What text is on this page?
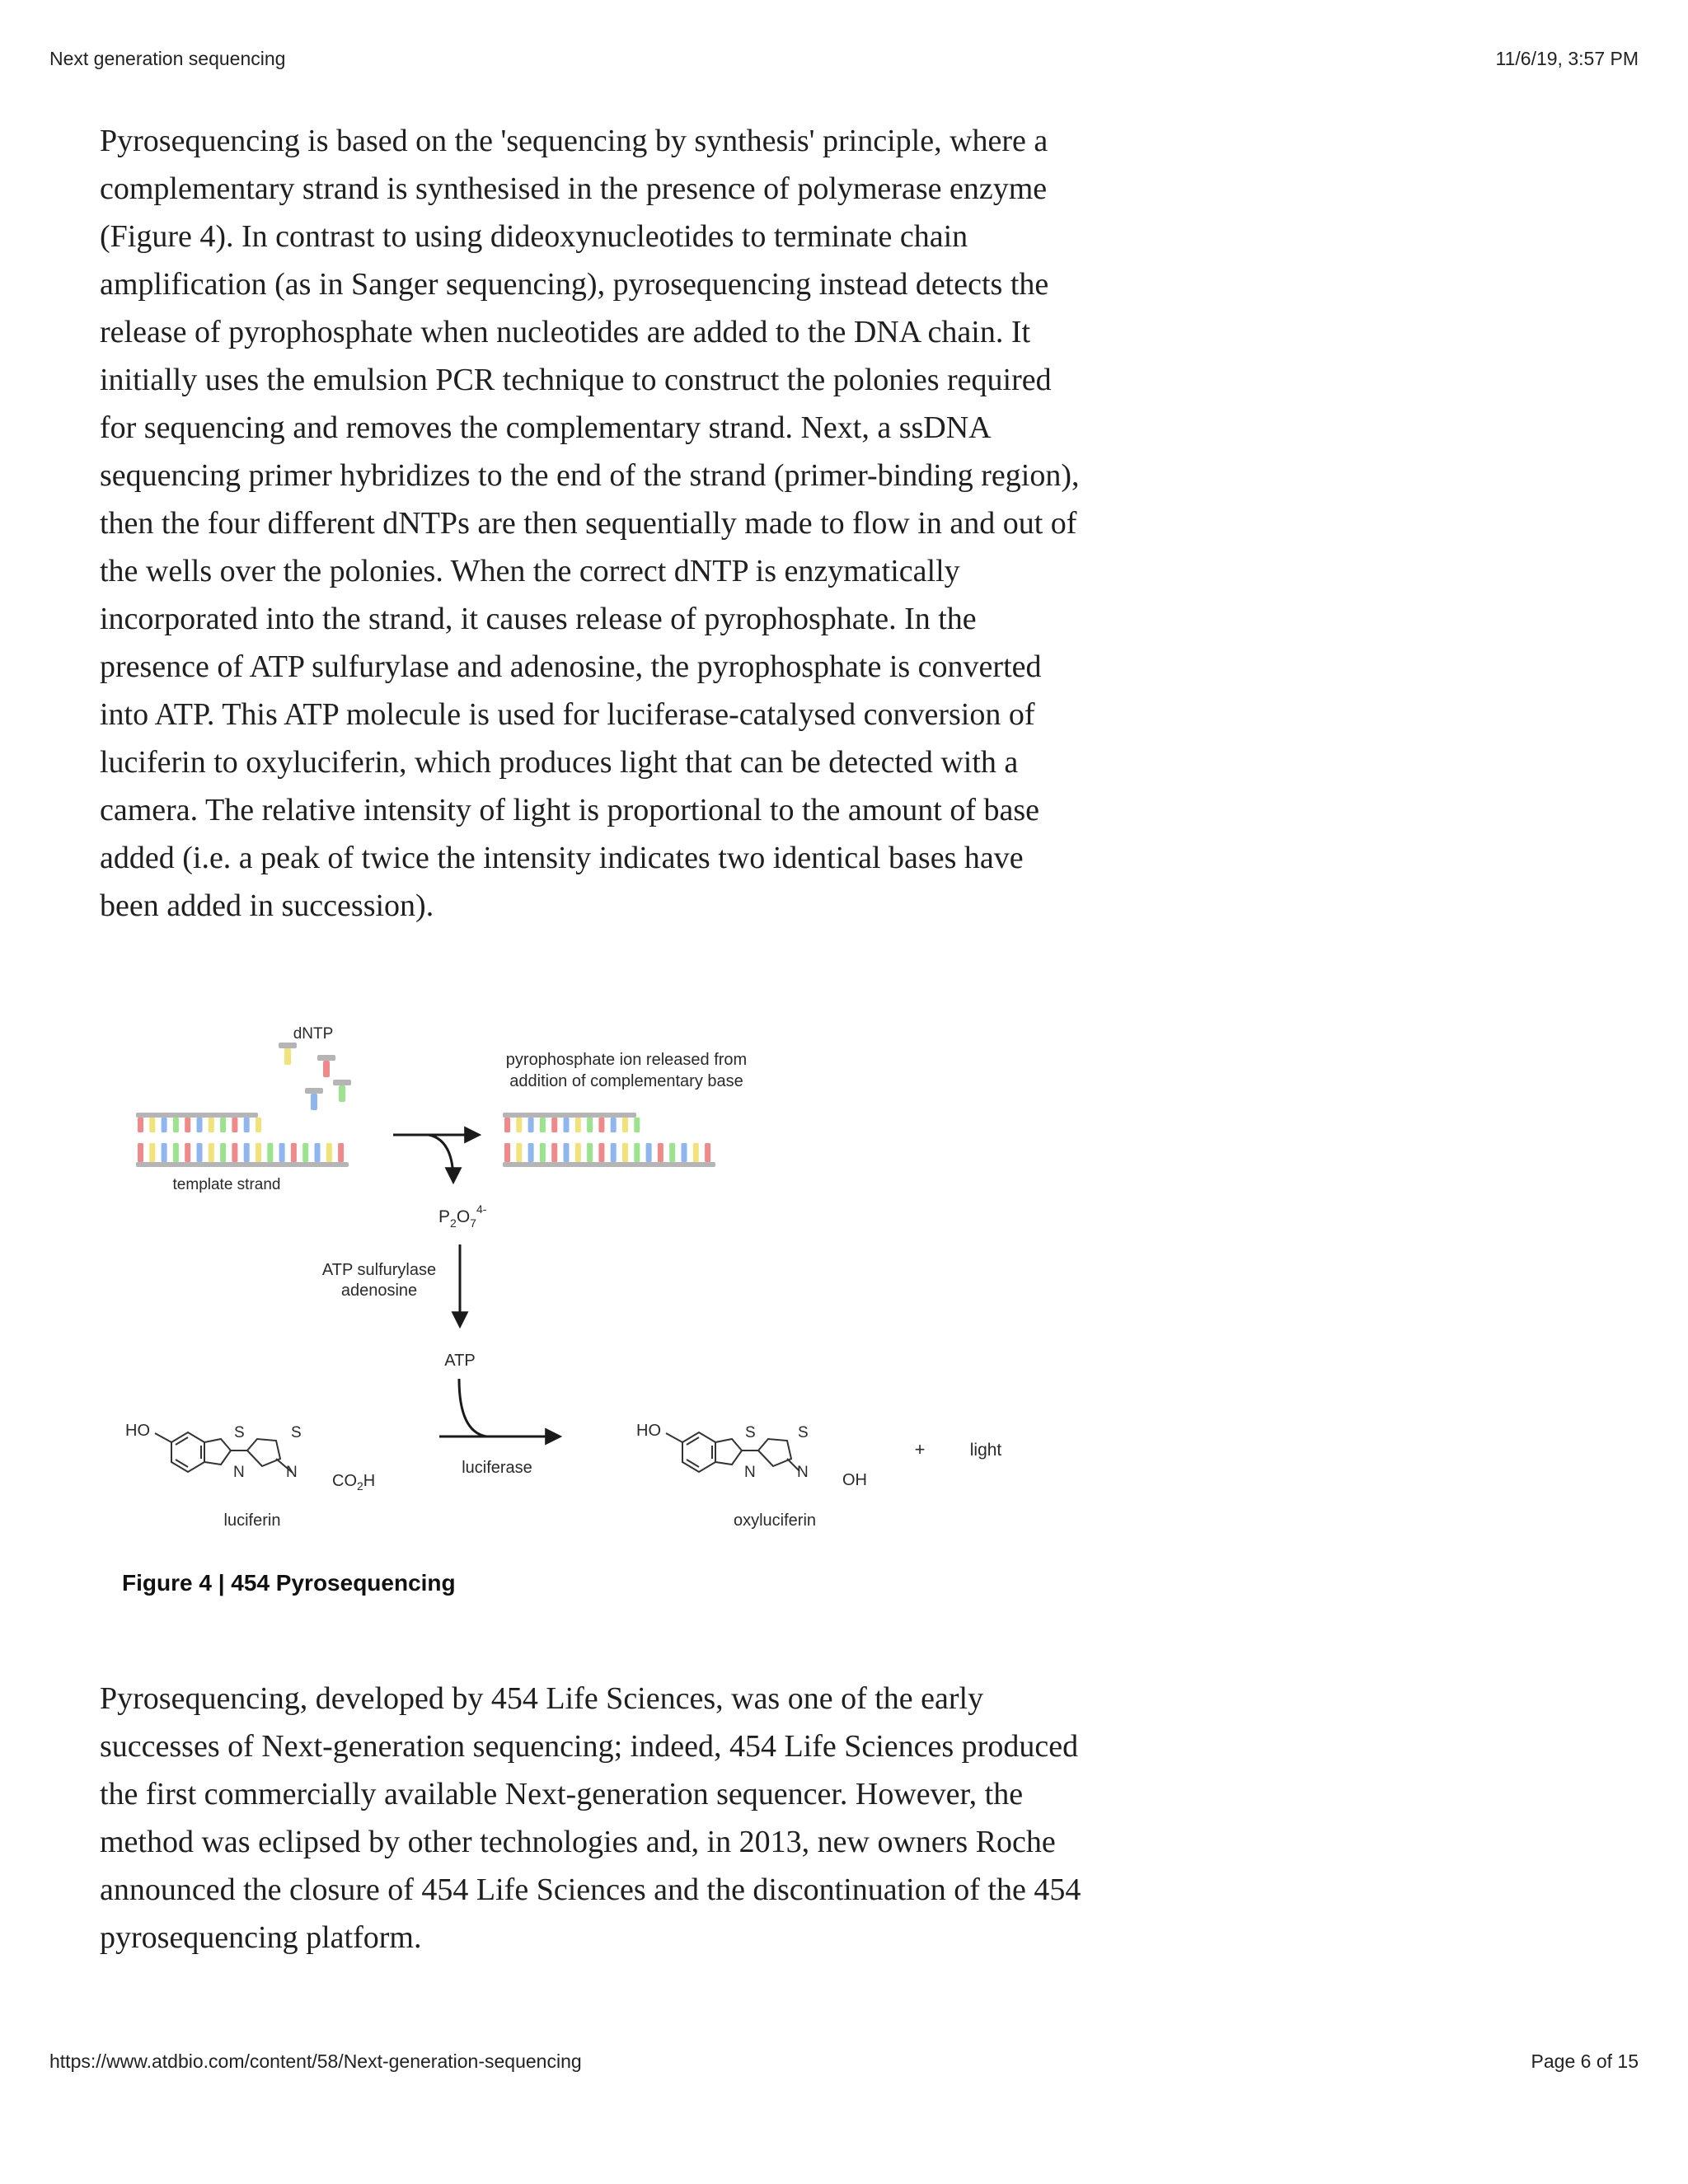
Next generation sequencing	11/6/19, 3:57 PM

Pyrosequencing is based on the 'sequencing by synthesis' principle, where a complementary strand is synthesised in the presence of polymerase enzyme (Figure 4). In contrast to using dideoxynucleotides to terminate chain amplification (as in Sanger sequencing), pyrosequencing instead detects the release of pyrophosphate when nucleotides are added to the DNA chain. It initially uses the emulsion PCR technique to construct the polonies required for sequencing and removes the complementary strand. Next, a ssDNA sequencing primer hybridizes to the end of the strand (primer-binding region), then the four different dNTPs are then sequentially made to flow in and out of the wells over the polonies. When the correct dNTP is enzymatically incorporated into the strand, it causes release of pyrophosphate. In the presence of ATP sulfurylase and adenosine, the pyrophosphate is converted into ATP. This ATP molecule is used for luciferase-catalysed conversion of luciferin to oxyluciferin, which produces light that can be detected with a camera. The relative intensity of light is proportional to the amount of base added (i.e. a peak of twice the intensity indicates two identical bases have been added in succession).

dNTP
template strand
pyrophosphate ion released from
addition of complementary base
$P_2O_7^{4-}$
ATP sulfurylase
adenosine
ATP
luciferase
HO	S
N
S
N $CO_2H$
luciferin
HO	S
N
S
N OH
oxyluciferin
+	light
Figure 4 | 454 Pyrosequencing

Pyrosequencing, developed by 454 Life Sciences, was one of the early successes of Next-generation sequencing; indeed, 454 Life Sciences produced the first commercially available Next-generation sequencer. However, the method was eclipsed by other technologies and, in 2013, new owners Roche announced the closure of 454 Life Sciences and the discontinuation of the 454 pyrosequencing platform.

https://www.atdbio.com/content/58/Next-generation-sequencing	Page 6 of 15
